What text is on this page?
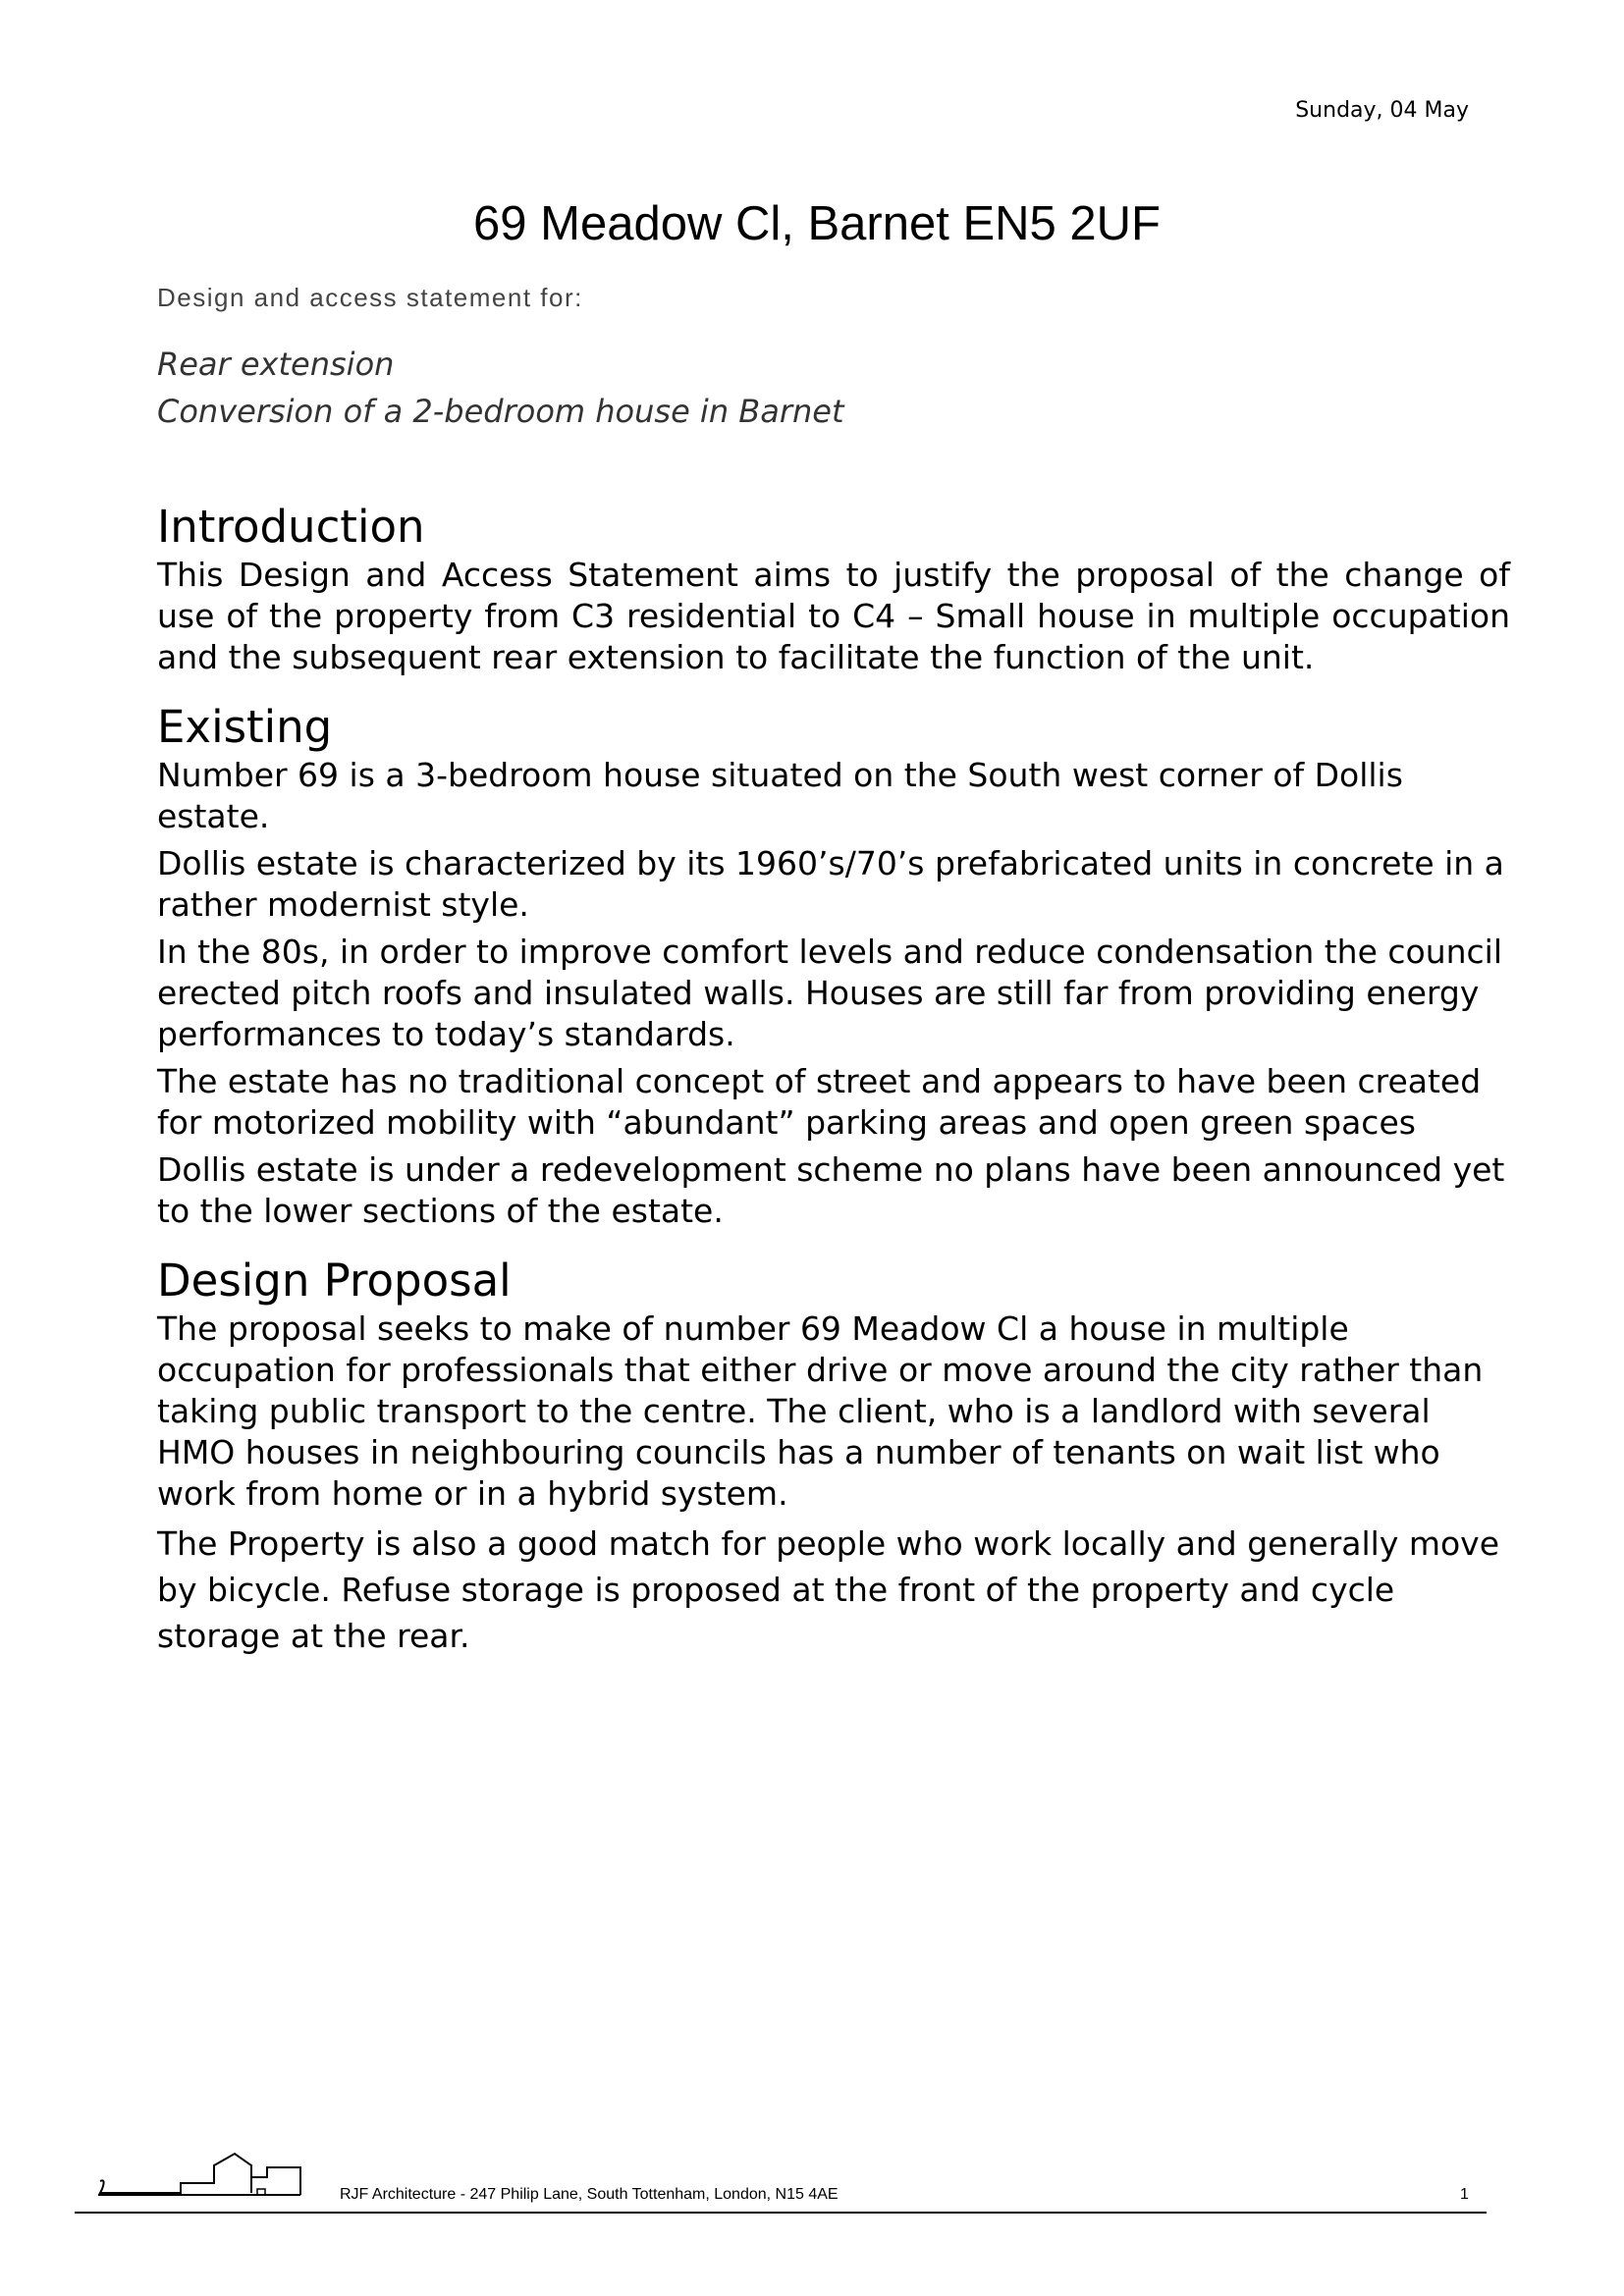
Sunday, 04 May
69 Meadow Cl, Barnet EN5 2UF
Design and access statement for:
Rear extension
Conversion of a 2-bedroom house in Barnet
Introduction

This Design and Access Statement aims to justify the proposal of the change of use of the property from C3 residential to C4 – Small house in multiple occupation and the subsequent rear extension to facilitate the function of the unit.

Existing

Number 69 is a 3-bedroom house situated on the South west corner of Dollis estate.

Dollis estate is characterized by its 1960’s/70’s prefabricated units in concrete in a rather modernist style.

In the 80s, in order to improve comfort levels and reduce condensation the council erected pitch roofs and insulated walls. Houses are still far from providing energy performances to today’s standards.

The estate has no traditional concept of street and appears to have been created for motorized mobility with “abundant” parking areas and open green spaces

Dollis estate is under a redevelopment scheme no plans have been announced yet to the lower sections of the estate.

Design Proposal

The proposal seeks to make of number 69 Meadow Cl a house in multiple occupation for professionals that either drive or move around the city rather than taking public transport to the centre. The client, who is a landlord with several HMO houses in neighbouring councils has a number of tenants on wait list who work from home or in a hybrid system.

The Property is also a good match for people who work locally and generally move by bicycle. Refuse storage is proposed at the front of the property and cycle storage at the rear.

RJF Architecture - 247 Philip Lane, South Tottenham, London, N15 4AE	1
